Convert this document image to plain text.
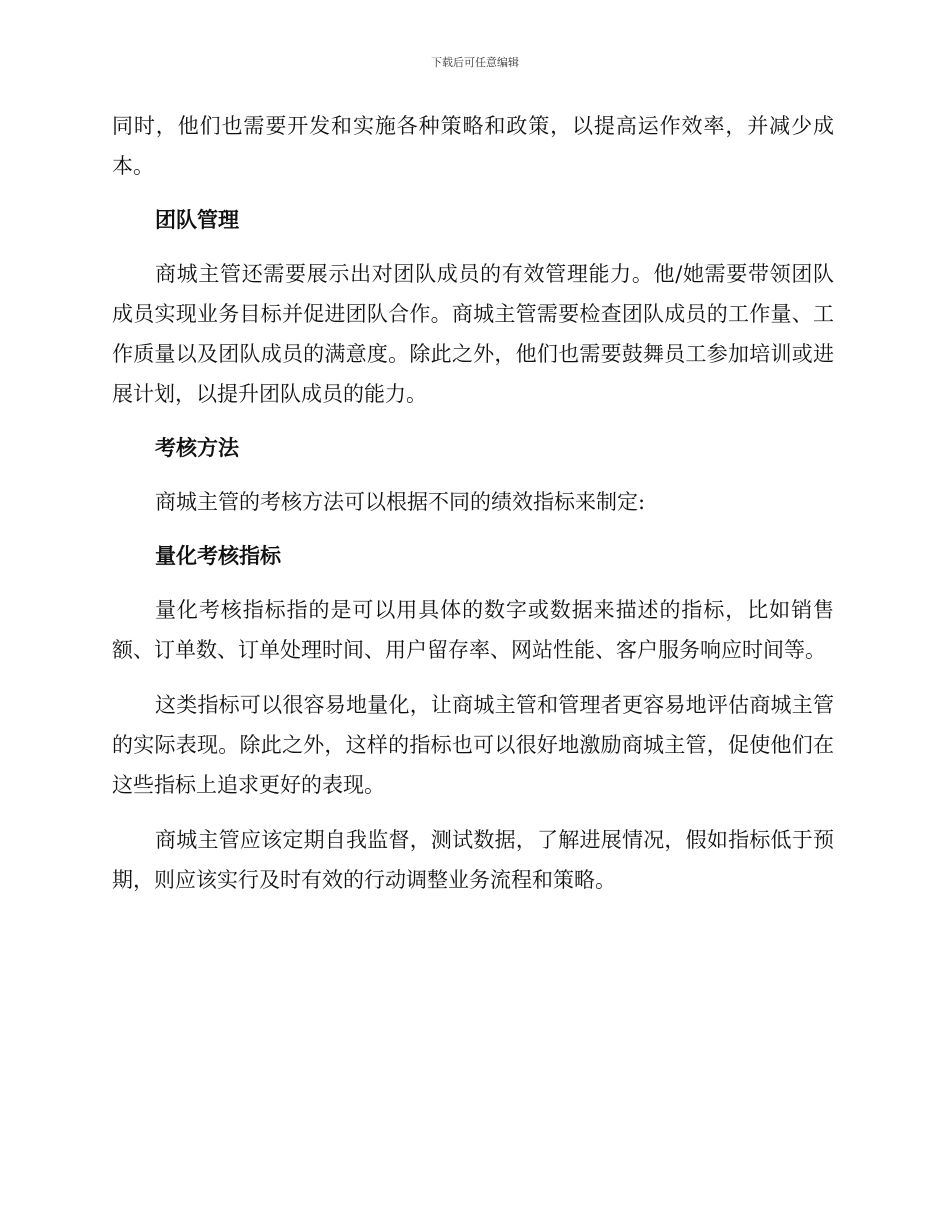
下载后可任意编辑

同时，他们也需要开发和实施各种策略和政策，以提高运作效率，并减少成本。

团队管理

商城主管还需要展示出对团队成员的有效管理能力。他/她需要带领团队成员实现业务目标并促进团队合作。商城主管需要检查团队成员的工作量、工作质量以及团队成员的满意度。除此之外，他们也需要鼓舞员工参加培训或进展计划，以提升团队成员的能力。

考核方法

商城主管的考核方法可以根据不同的绩效指标来制定:

量化考核指标

量化考核指标指的是可以用具体的数字或数据来描述的指标，比如销售额、订单数、订单处理时间、用户留存率、网站性能、客户服务响应时间等。

这类指标可以很容易地量化，让商城主管和管理者更容易地评估商城主管的实际表现。除此之外，这样的指标也可以很好地激励商城主管，促使他们在这些指标上追求更好的表现。

商城主管应该定期自我监督，测试数据，了解进展情况，假如指标低于预期，则应该实行及时有效的行动调整业务流程和策略。
